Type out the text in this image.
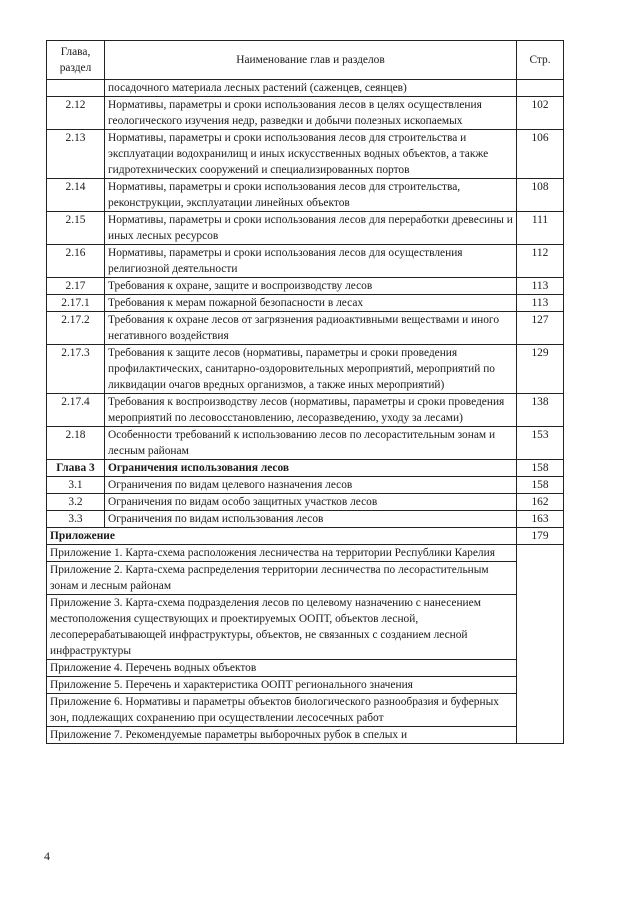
Глава, раздел	Наименование глав и разделов	Стр.
	посадочного материала лесных растений (саженцев, сеянцев)	
2.12	Нормативы, параметры и сроки использования лесов в целях осуществления геологического изучения недр, разведки и добычи полезных ископаемых	102
2.13	Нормативы, параметры и сроки использования лесов для строительства и эксплуатации водохранилищ и иных искусственных водных объектов, а также гидротехнических сооружений и специализированных портов	106
2.14	Нормативы, параметры и сроки использования лесов для строительства, реконструкции, эксплуатации линейных объектов	108
2.15	Нормативы, параметры и сроки использования лесов для переработки древесины и иных лесных ресурсов	111
2.16	Нормативы, параметры и сроки использования лесов для осуществления религиозной деятельности	112
2.17	Требования к охране, защите и воспроизводству лесов	113
2.17.1	Требования к мерам пожарной безопасности в лесах	113
2.17.2	Требования к охране лесов от загрязнения радиоактивными веществами и иного негативного воздействия	127
2.17.3	Требования к защите лесов (нормативы, параметры и сроки проведения профилактических, санитарно-оздоровительных мероприятий, мероприятий по ликвидации очагов вредных организмов, а также иных мероприятий)	129
2.17.4	Требования к воспроизводству лесов (нормативы, параметры и сроки проведения мероприятий по лесовосстановлению, лесоразведению, уходу за лесами)	138
2.18	Особенности требований к использованию лесов по лесорастительным зонам и лесным районам	153
Глава 3	Ограничения использования лесов	158
3.1	Ограничения по видам целевого назначения лесов	158
3.2	Ограничения по видам особо защитных участков лесов	162
3.3	Ограничения по видам использования лесов	163
Приложение		179
Приложение 1. Карта-схема расположения лесничества на территории Республики Карелия		
Приложение 2. Карта-схема распределения территории лесничества по лесорастительным зонам и лесным районам		
Приложение 3. Карта-схема подразделения лесов по целевому назначению с нанесением местоположения существующих и проектируемых ООПТ, объектов лесной, лесоперерабатывающей инфраструктуры, объектов, не связанных с созданием лесной инфраструктуры		
Приложение 4. Перечень водных объектов		
Приложение 5. Перечень и характеристика ООПТ регионального значения		
Приложение 6. Нормативы и параметры объектов биологического разнообразия и буферных зон, подлежащих сохранению при осуществлении лесосечных работ		
Приложение 7. Рекомендуемые параметры выборочных рубок в спелых и		
4
